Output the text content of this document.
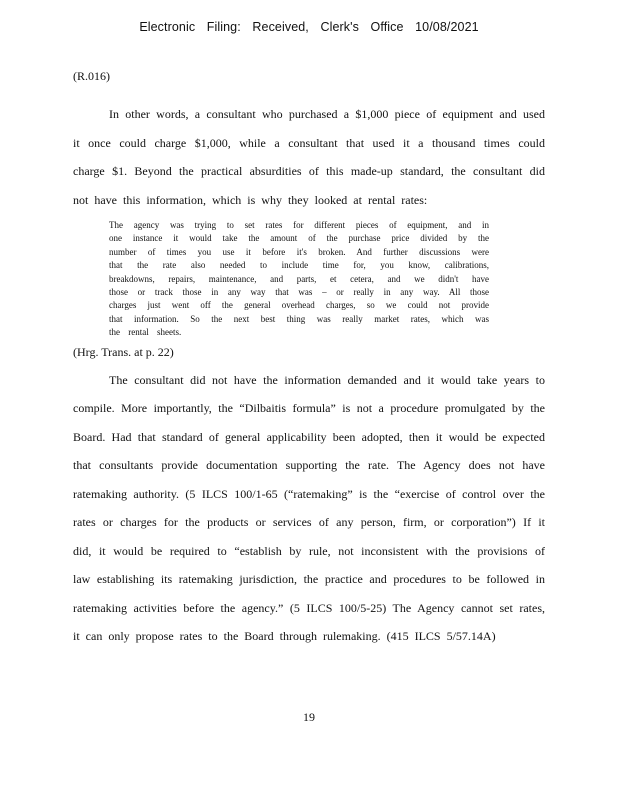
Electronic Filing: Received, Clerk's Office 10/08/2021

(R.016)

In other words, a consultant who purchased a $1,000 piece of equipment and used it once could charge $1,000, while a consultant that used it a thousand times could charge $1. Beyond the practical absurdities of this made-up standard, the consultant did not have this information, which is why they looked at rental rates:

The agency was trying to set rates for different pieces of equipment, and in
one instance it would take the amount of the purchase price divided by the
number of times you use it before it's broken. And further discussions were
that the rate also needed to include time for, you know, calibrations,
breakdowns, repairs, maintenance, and parts, et cetera, and we didn't have
those or track those in any way that was – or really in any way. All those
charges just went off the general overhead charges, so we could not provide
that information. So the next best thing was really market rates, which was
the rental sheets.

(Hrg. Trans. at p. 22)

The consultant did not have the information demanded and it would take years to compile. More importantly, the “Dilbaitis formula” is not a procedure promulgated by the Board. Had that standard of general applicability been adopted, then it would be expected that consultants provide documentation supporting the rate. The Agency does not have ratemaking authority. (5 ILCS 100/1-65 (“ratemaking” is the “exercise of control over the rates or charges for the products or services of any person, firm, or corporation”) If it did, it would be required to “establish by rule, not inconsistent with the provisions of law establishing its ratemaking jurisdiction, the practice and procedures to be followed in ratemaking activities before the agency.” (5 ILCS 100/5-25) The Agency cannot set rates, it can only propose rates to the Board through rulemaking. (415 ILCS 5/57.14A)

19
